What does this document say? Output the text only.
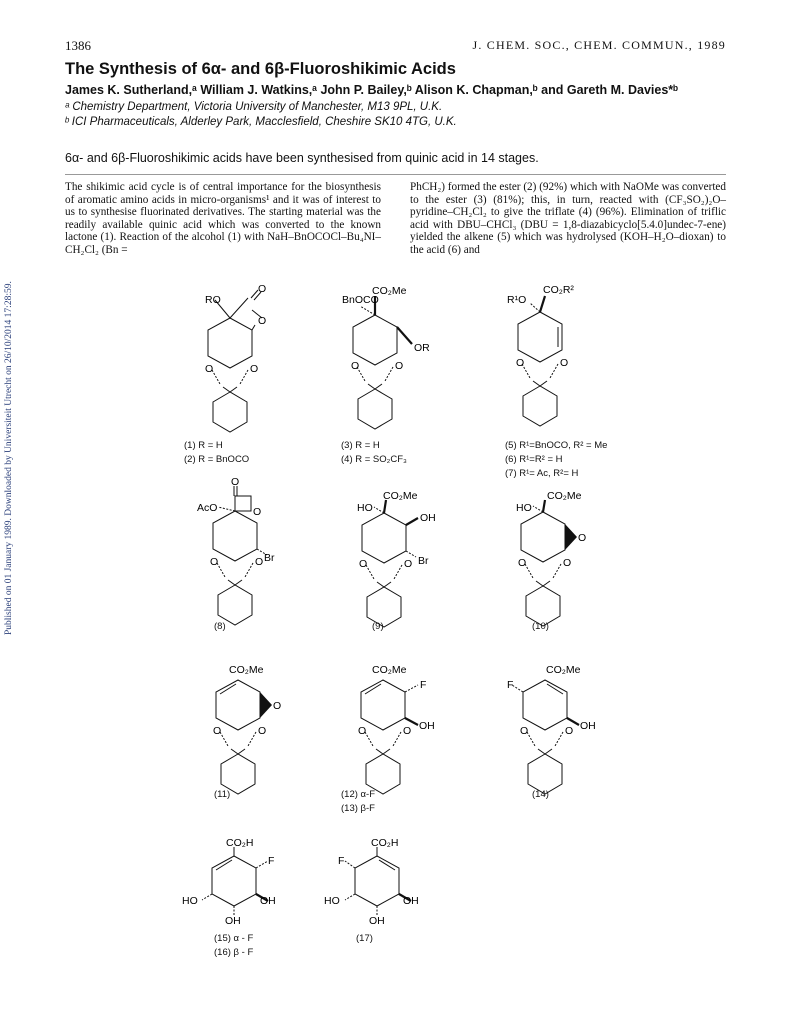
Published on 01 January 1989. Downloaded by Universiteit Utrecht on 26/10/2014 17:28:59.
1386	J. CHEM. SOC., CHEM. COMMUN., 1989
The Synthesis of 6α- and 6β-Fluoroshikimic Acids
James K. Sutherland,ᵃ William J. Watkins,ᵃ John P. Bailey,ᵇ Alison K. Chapman,ᵇ and Gareth M. Davies*ᵇ
ᵃ Chemistry Department, Victoria University of Manchester, M13 9PL, U.K.
ᵇ ICI Pharmaceuticals, Alderley Park, Macclesfield, Cheshire SK10 4TG, U.K.
6α- and 6β-Fluoroshikimic acids have been synthesised from quinic acid in 14 stages.
The shikimic acid cycle is of central importance for the biosynthesis of aromatic amino acids in micro-organisms¹ and it was of interest to us to synthesise fluorinated derivatives. The starting material was the readily available quinic acid which was converted to the known lactone (1). Reaction of the alcohol (1) with NaH–BnOCOCl–Bu₄NI–CH₂Cl₂ (Bn =
PhCH₂) formed the ester (2) (92%) which with NaOMe was converted to the ester (3) (81%); this, in turn, reacted with (CF₃SO₂)₂O–pyridine–CH₂Cl₂ to give the triflate (4) (96%). Elimination of triflic acid with DBU–CHCl₃ (DBU = 1,8-diazabicyclo[5.4.0]undec-7-ene) yielded the alkene (5) which was hydrolysed (KOH–H₂O–dioxan) to the acid (6) and
RO
O
O
O	O
CO₂Me
BnOCO
OR
O	O
R¹O
CO₂R²
O	O
O
O
AcO
Br
O	O
CO₂Me
HO
OH
Br
O	O
CO₂Me
HO
O
O	O
CO₂Me
O
O	O
CO₂Me
F
OH
O	O
CO₂Me
F
OH
O	O
CO₂H
F
HO	OH
OH
CO₂H
F
HO	OH
OH
(1) R = H
(2) R = BnOCO
(3) R = H
(4) R = SO₂CF₃
(5) R¹=BnOCO, R² = Me
(6) R¹=R² = H
(7) R¹= Ac, R²= H
(8)	(9)	(10)
(11)	(12) α-F
(13) β-F
(14)
(15) α - F
(16) β - F
(17)
